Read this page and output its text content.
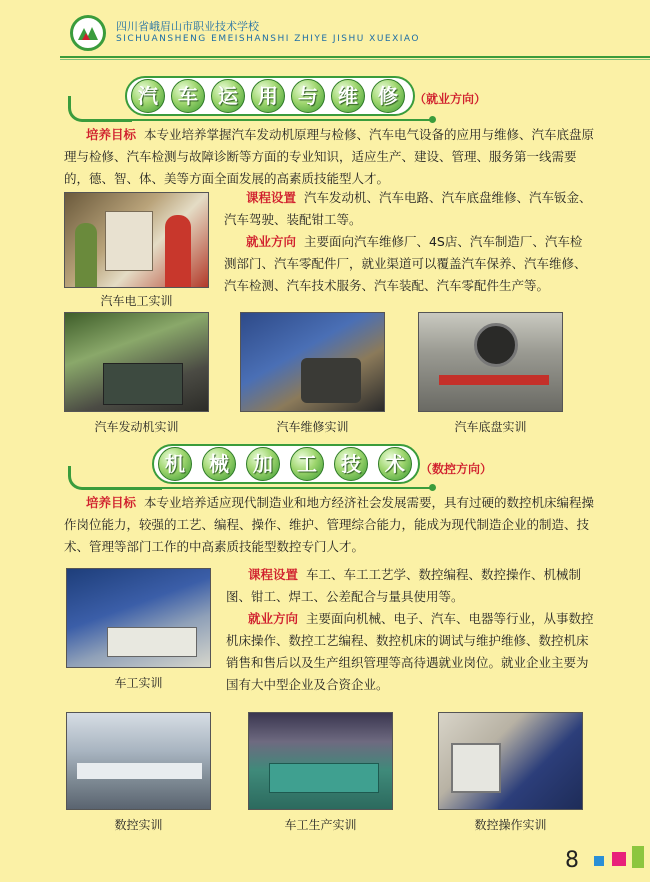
四川省峨眉山市职业技术学校
SICHUANSHENG EMEISHANSHI ZHIYE JISHU XUEXIAO
汽	车	运	用	与	维	修	（就业方向）
培养目标 本专业培养掌握汽车发动机原理与检修、汽车电气设备的应用与维修、汽车底盘原理与检修、汽车检测与故障诊断等方面的专业知识，适应生产、建设、管理、服务第一线需要的，德、智、体、美等方面全面发展的高素质技能型人才。
汽车电工实训
课程设置 汽车发动机、汽车电路、汽车底盘维修、汽车钣金、汽车驾驶、装配钳工等。
就业方向 主要面向汽车维修厂、4S店、汽车制造厂、汽车检测部门、汽车零配件厂，就业渠道可以覆盖汽车保养、汽车维修、汽车检测、汽车技术服务、汽车装配、汽车零配件生产等。
汽车发动机实训	汽车维修实训	汽车底盘实训
机	械	加	工	技	术	（数控方向）
培养目标 本专业培养适应现代制造业和地方经济社会发展需要，具有过硬的数控机床编程操作岗位能力，较强的工艺、编程、操作、维护、管理综合能力，能成为现代制造企业的制造、技术、管理等部门工作的中高素质技能型数控专门人才。
车工实训
课程设置 车工、车工工艺学、数控编程、数控操作、机械制图、钳工、焊工、公差配合与量具使用等。
就业方向 主要面向机械、电子、汽车、电器等行业，从事数控机床操作、数控工艺编程、数控机床的调试与维护维修、数控机床销售和售后以及生产组织管理等高待遇就业岗位。就业企业主要为国有大中型企业及合资企业。
数控实训	车工生产实训	数控操作实训
8
